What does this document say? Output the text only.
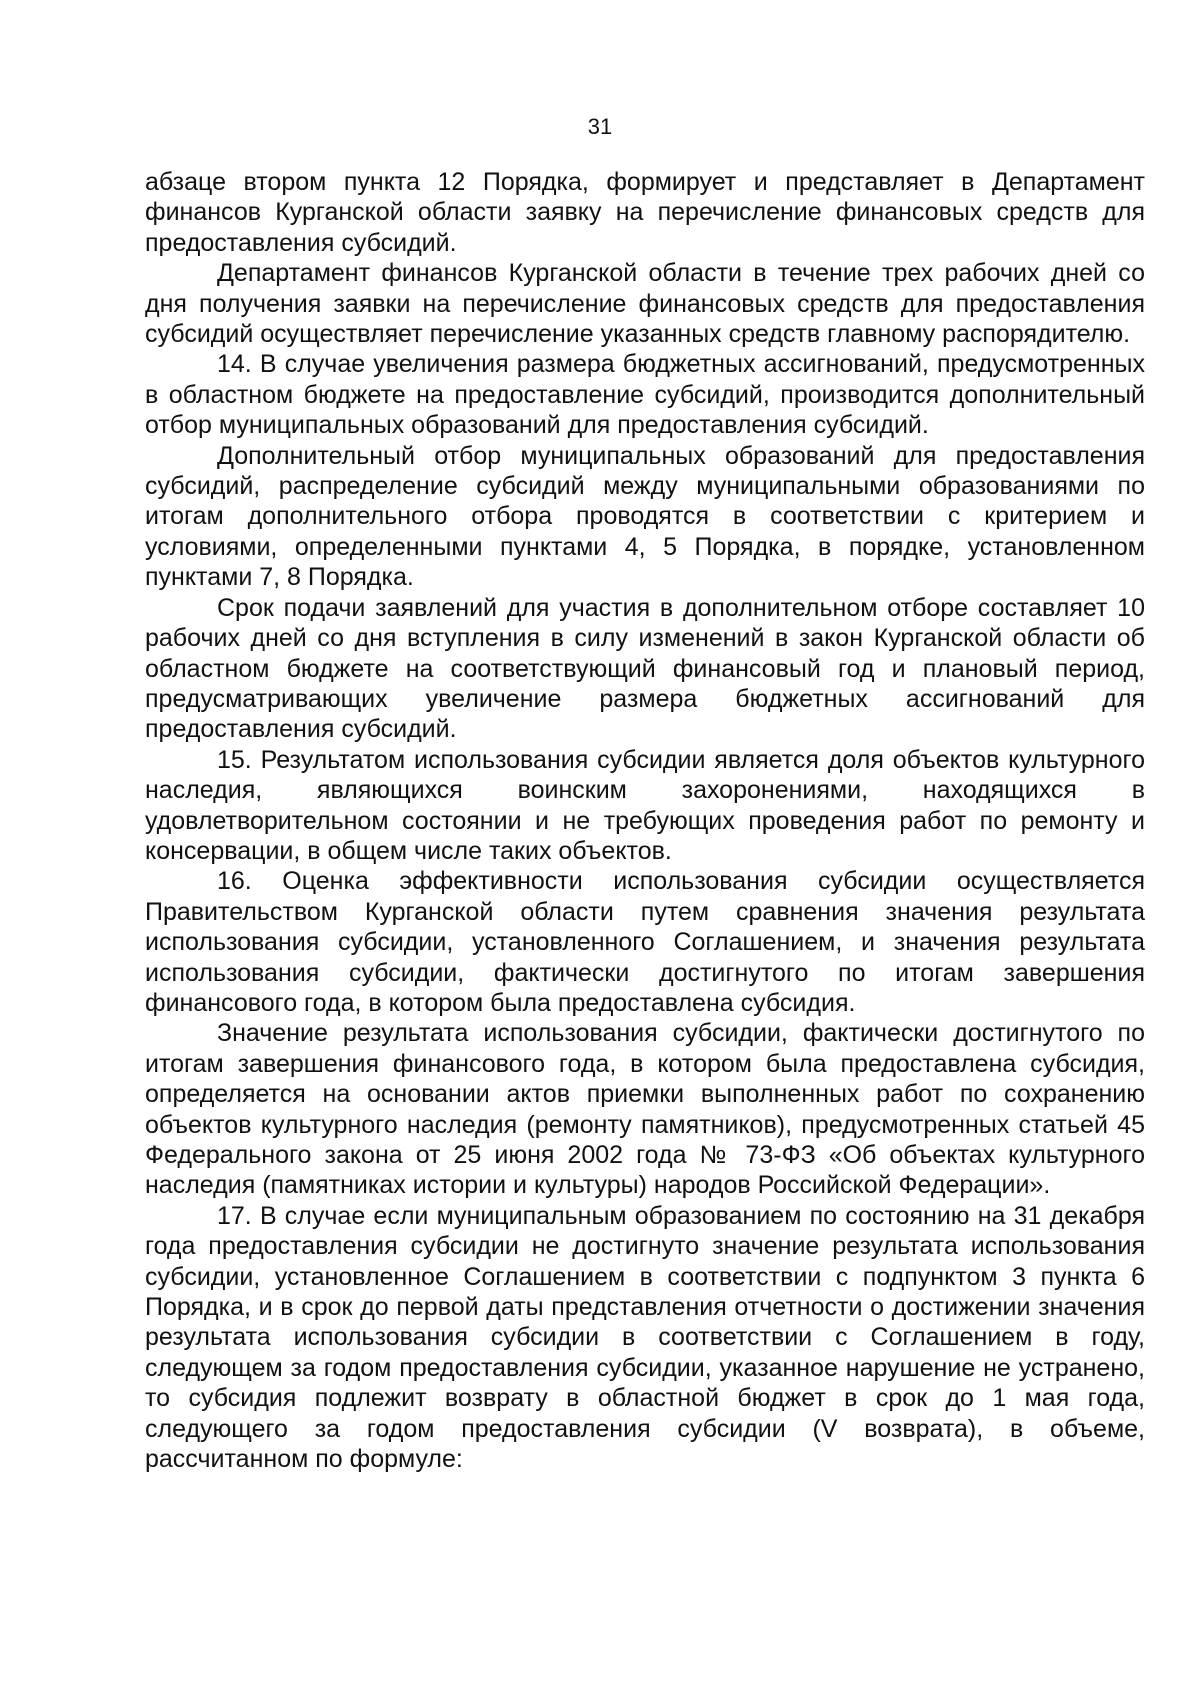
31

абзаце втором пункта 12 Порядка, формирует и представляет в Департамент финансов Курганской области заявку на перечисление финансовых средств для предоставления субсидий.

Департамент финансов Курганской области в течение трех рабочих дней со дня получения заявки на перечисление финансовых средств для предоставления субсидий осуществляет перечисление указанных средств главному распорядителю.

14. В случае увеличения размера бюджетных ассигнований, предусмотренных в областном бюджете на предоставление субсидий, производится дополнительный отбор муниципальных образований для предоставления субсидий.

Дополнительный отбор муниципальных образований для предоставления субсидий, распределение субсидий между муниципальными образованиями по итогам дополнительного отбора проводятся в соответствии с критерием и условиями, определенными пунктами 4, 5 Порядка, в порядке, установленном пунктами 7, 8 Порядка.

Срок подачи заявлений для участия в дополнительном отборе составляет 10 рабочих дней со дня вступления в силу изменений в закон Курганской области об областном бюджете на соответствующий финансовый год и плановый период, предусматривающих увеличение размера бюджетных ассигнований для предоставления субсидий.

15. Результатом использования субсидии является доля объектов культурного наследия, являющихся воинским захоронениями, находящихся в удовлетворительном состоянии и не требующих проведения работ по ремонту и консервации, в общем числе таких объектов.

16. Оценка эффективности использования субсидии осуществляется Правительством Курганской области путем сравнения значения результата использования субсидии, установленного Соглашением, и значения результата использования субсидии, фактически достигнутого по итогам завершения финансового года, в котором была предоставлена субсидия.

Значение результата использования субсидии, фактически достигнутого по итогам завершения финансового года, в котором была предоставлена субсидия, определяется на основании актов приемки выполненных работ по сохранению объектов культурного наследия (ремонту памятников), предусмотренных статьей 45 Федерального закона от 25 июня 2002 года № 73-ФЗ «Об объектах культурного наследия (памятниках истории и культуры) народов Российской Федерации».

17. В случае если муниципальным образованием по состоянию на 31 декабря года предоставления субсидии не достигнуто значение результата использования субсидии, установленное Соглашением в соответствии с подпунктом 3 пункта 6 Порядка, и в срок до первой даты представления отчетности о достижении значения результата использования субсидии в соответствии с Соглашением в году, следующем за годом предоставления субсидии, указанное нарушение не устранено, то субсидия подлежит возврату в областной бюджет в срок до 1 мая года, следующего за годом предоставления субсидии (V возврата), в объеме, рассчитанном по формуле:
